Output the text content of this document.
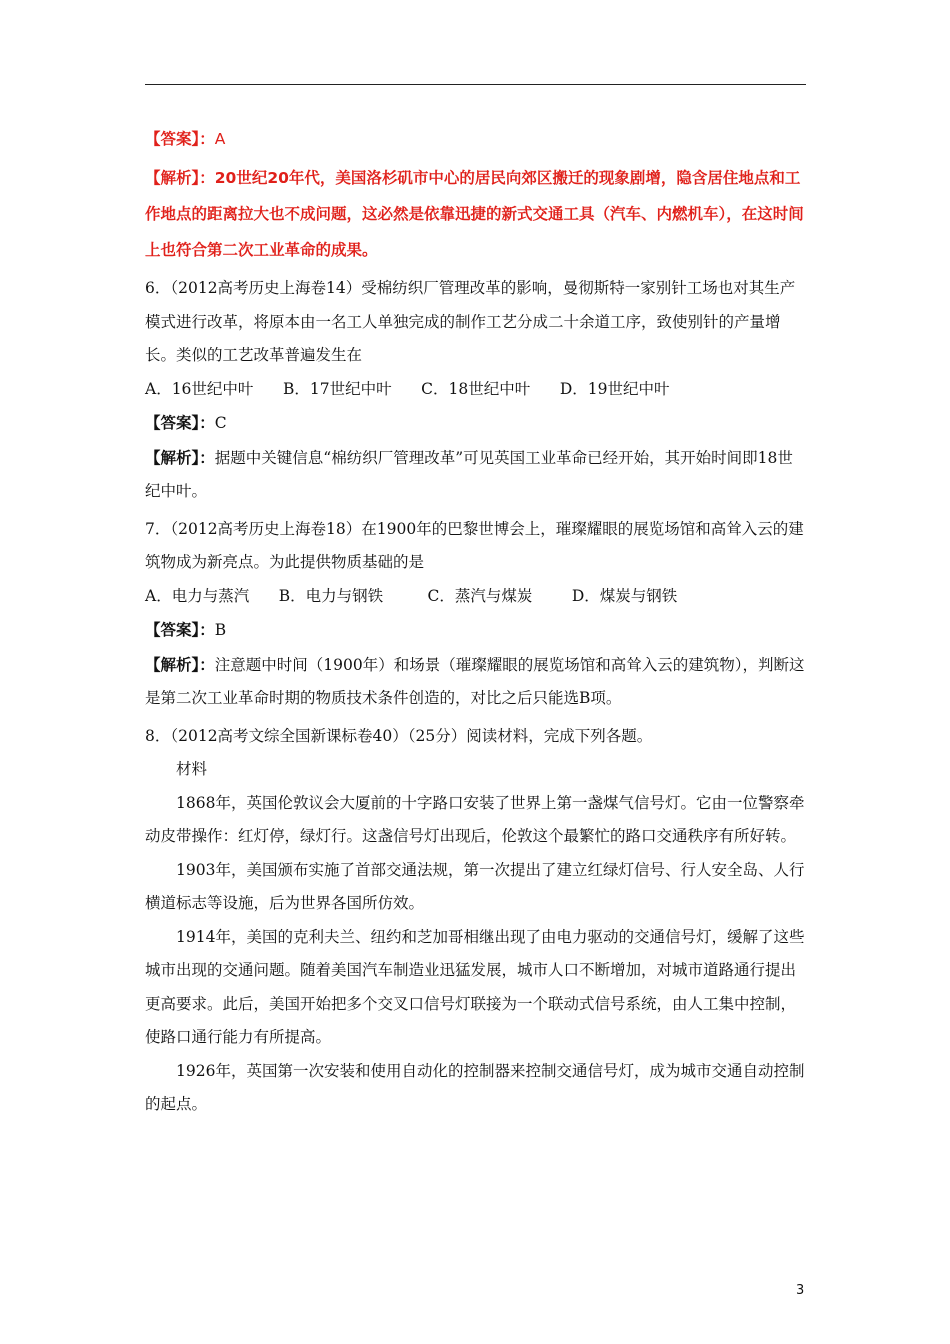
【答案】：A

【解析】：20世纪20年代，美国洛杉矶市中心的居民向郊区搬迁的现象剧增，隐含居住地点和工作地点的距离拉大也不成问题，这必然是依靠迅捷的新式交通工具（汽车、内燃机车），在这时间上也符合第二次工业革命的成果。

6．（2012高考历史上海卷14）受棉纺织厂管理改革的影响，曼彻斯特一家别针工场也对其生产模式进行改革，将原本由一名工人单独完成的制作工艺分成二十余道工序，致使别针的产量增长。类似的工艺改革普遍发生在

A．16世纪中叶 B．17世纪中叶 C．18世纪中叶 D．19世纪中叶

【答案】：C

【解析】：据题中关键信息“棉纺织厂管理改革”可见英国工业革命已经开始，其开始时间即18世纪中叶。

7．（2012高考历史上海卷18）在1900年的巴黎世博会上，璀璨耀眼的展览场馆和高耸入云的建筑物成为新亮点。为此提供物质基础的是

A．电力与蒸汽 B．电力与钢铁	C．蒸汽与煤炭	D．煤炭与钢铁

【答案】：B

【解析】：注意题中时间（1900年）和场景（璀璨耀眼的展览场馆和高耸入云的建筑物），判断这是第二次工业革命时期的物质技术条件创造的，对比之后只能选B项。

8．（2012高考文综全国新课标卷40）（25分）阅读材料，完成下列各题。

材料

1868年，英国伦敦议会大厦前的十字路口安装了世界上第一盏煤气信号灯。它由一位警察牵动皮带操作：红灯停，绿灯行。这盏信号灯出现后，伦敦这个最繁忙的路口交通秩序有所好转。

1903年，美国颁布实施了首部交通法规，第一次提出了建立红绿灯信号、行人安全岛、人行横道标志等设施，后为世界各国所仿效。

1914年，美国的克利夫兰、纽约和芝加哥相继出现了由电力驱动的交通信号灯，缓解了这些城市出现的交通问题。随着美国汽车制造业迅猛发展，城市人口不断增加，对城市道路通行提出更高要求。此后，美国开始把多个交叉口信号灯联接为一个联动式信号系统，由人工集中控制，使路口通行能力有所提高。

1926年，英国第一次安装和使用自动化的控制器来控制交通信号灯，成为城市交通自动控制的起点。

3
